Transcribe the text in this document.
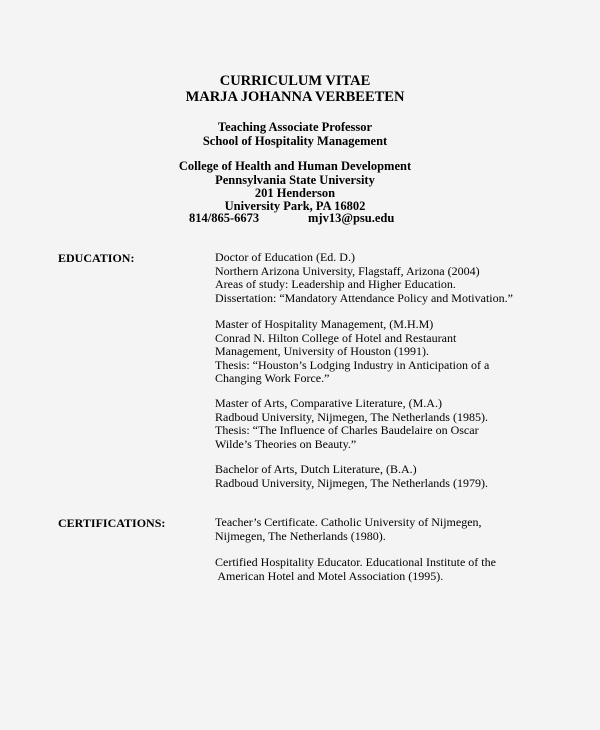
CURRICULUM VITAE
MARJA JOHANNA VERBEETEN
Teaching Associate Professor
School of Hospitality Management
College of Health and Human Development
Pennsylvania State University
201 Henderson
University Park, PA 16802
814/865-6673	mjv13@psu.edu
EDUCATION:	Doctor of Education (Ed. D.)
Northern Arizona University, Flagstaff, Arizona (2004)
Areas of study: Leadership and Higher Education.
Dissertation: “Mandatory Attendance Policy and Motivation.”
Master of Hospitality Management, (M.H.M)
Conrad N. Hilton College of Hotel and Restaurant
Management, University of Houston (1991).
Thesis: “Houston’s Lodging Industry in Anticipation of a
Changing Work Force.”
Master of Arts, Comparative Literature, (M.A.)
Radboud University, Nijmegen, The Netherlands (1985).
Thesis: “The Influence of Charles Baudelaire on Oscar
Wilde’s Theories on Beauty.”
Bachelor of Arts, Dutch Literature, (B.A.)
Radboud University, Nijmegen, The Netherlands (1979).
CERTIFICATIONS:	Teacher’s Certificate. Catholic University of Nijmegen,
Nijmegen, The Netherlands (1980).
Certified Hospitality Educator. Educational Institute of the
American Hotel and Motel Association (1995).
